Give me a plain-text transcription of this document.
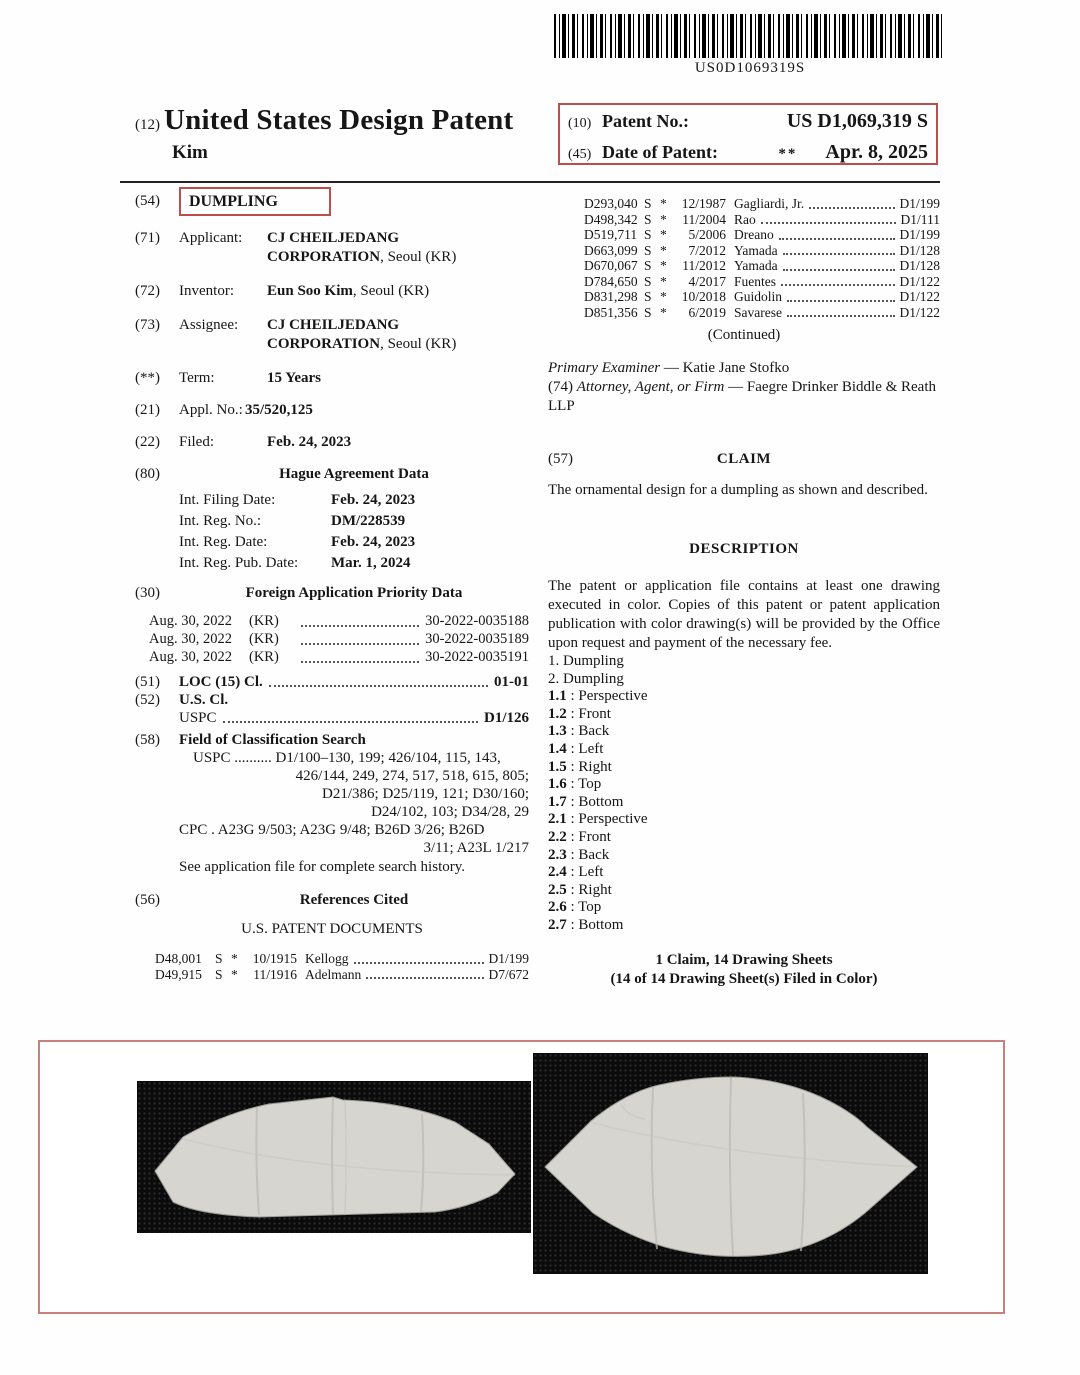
US0D1069319S
(12) United States Design Patent
Kim
(10) Patent No.:	US D1,069,319 S
(45) Date of Patent:	** Apr. 8, 2025
(54)	DUMPLING
(71)	Applicant:	CJ CHEILJEDANG CORPORATION, Seoul (KR)
(72)	Inventor:	Eun Soo Kim, Seoul (KR)
(73)	Assignee:	CJ CHEILJEDANG CORPORATION, Seoul (KR)
(**)	Term:	15 Years
(21)	Appl. No.: 35/520,125
(22)	Filed:	Feb. 24, 2023
(80)	Hague Agreement Data
Int. Filing Date:	Feb. 24, 2023
Int. Reg. No.:	DM/228539
Int. Reg. Date:	Feb. 24, 2023
Int. Reg. Pub. Date:	Mar. 1, 2024
(30)	Foreign Application Priority Data
Aug. 30, 2022	(KR)	30-2022-0035188
Aug. 30, 2022	(KR)	30-2022-0035189
Aug. 30, 2022	(KR)	30-2022-0035191
(51)	LOC (15) Cl.	01-01
(52)	U.S. Cl.
USPC	D1/126
(58)	Field of Classification Search
USPC .......... D1/100–130, 199; 426/104, 115, 143,
426/144, 249, 274, 517, 518, 615, 805;
D21/386; D25/119, 121; D30/160;
D24/102, 103; D34/28, 29
CPC . A23G 9/503; A23G 9/48; B26D 3/26; B26D
3/11; A23L 1/217
See application file for complete search history.
(56)	References Cited
U.S. PATENT DOCUMENTS
D48,001 S *	10/1915 Kellogg	D1/199
D49,915 S *	11/1916 Adelmann	D7/672
D293,040 S *	12/1987 Gagliardi, Jr.	D1/199
D498,342 S *	11/2004 Rao	D1/111
D519,711 S *	5/2006 Dreano	D1/199
D663,099 S *	7/2012 Yamada	D1/128
D670,067 S *	11/2012 Yamada	D1/128
D784,650 S *	4/2017 Fuentes	D1/122
D831,298 S *	10/2018 Guidolin	D1/122
D851,356 S *	6/2019 Savarese	D1/122
(Continued)
Primary Examiner — Katie Jane Stofko
(74) Attorney, Agent, or Firm — Faegre Drinker Biddle & Reath LLP
(57)	CLAIM
The ornamental design for a dumpling as shown and described.
DESCRIPTION
The patent or application file contains at least one drawing executed in color. Copies of this patent or patent application publication with color drawing(s) will be provided by the Office upon request and payment of the necessary fee.
1. Dumpling
2. Dumpling
1.1 : Perspective
1.2 : Front
1.3 : Back
1.4 : Left
1.5 : Right
1.6 : Top
1.7 : Bottom
2.1 : Perspective
2.2 : Front
2.3 : Back
2.4 : Left
2.5 : Right
2.6 : Top
2.7 : Bottom
1 Claim, 14 Drawing Sheets
(14 of 14 Drawing Sheet(s) Filed in Color)
